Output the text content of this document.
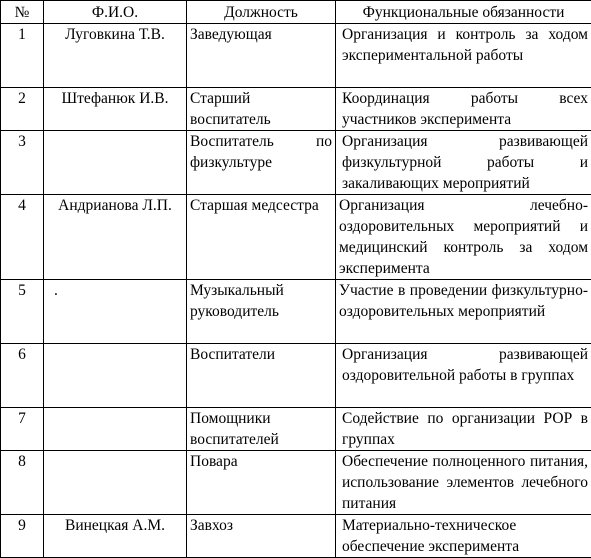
№	Ф.И.О.	Должность	Функциональные обязанности
1	Луговкина Т.В.	Заведующая	Организация и контроль за ходом экспериментальной работы
2	Штефанюк И.В.	Старший воспитатель	Координация работы всех участников эксперимента
3		Воспитатель по физкультуре	Организация развивающей физкультурной работы и закаливающих мероприятий
4	Андрианова Л.П.	Старшая медсестра	Организация лечебно-оздоровительных мероприятий и медицинский контроль за ходом эксперимента
5	.	Музыкальный руководитель	Участие в проведении физкультурно-оздоровительных мероприятий
6		Воспитатели	Организация развивающей оздоровительной работы в группах
7		Помощники воспитателей	Содействие по организации РОР в группах
8		Повара	Обеспечение полноценного питания, использование элементов лечебного питания
9	Винецкая А.М.	Завхоз	Материально-техническое обеспечение эксперимента
